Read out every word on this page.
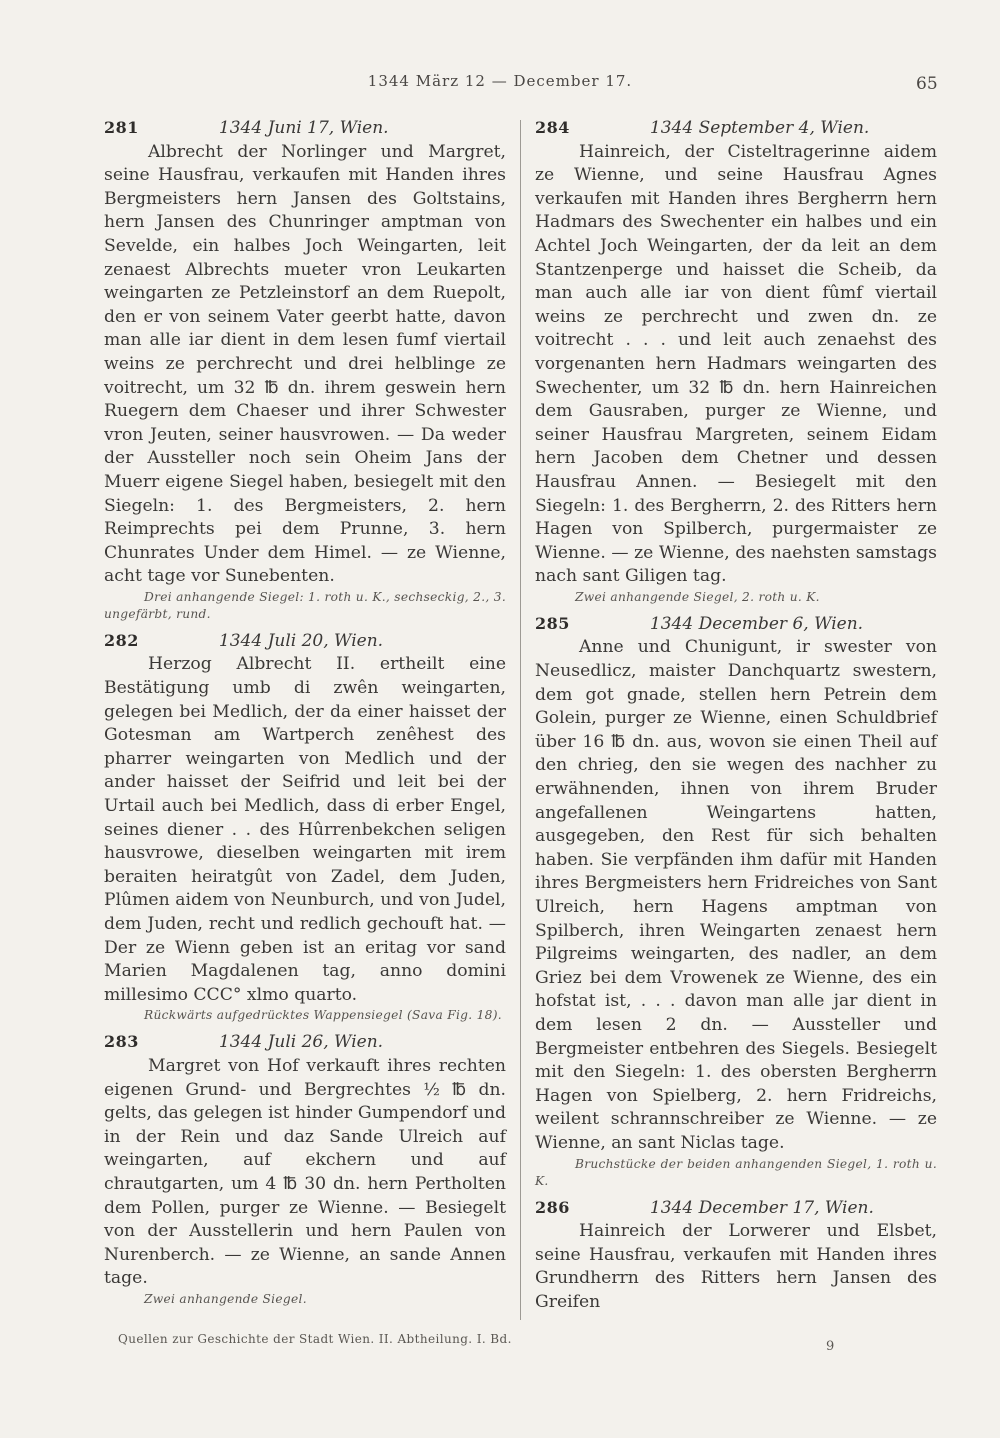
1344 März 12 — December 17.	65
281	1344 Juni 17, Wien.

Albrecht der Norlinger und Margret, seine Hausfrau, verkaufen mit Handen ihres Bergmeisters hern Jansen des Goltstains, hern Jansen des Chunringer amptman von Sevelde, ein halbes Joch Weingarten, leit zenaest Albrechts mueter vron Leukarten weingarten ze Petzleinstorf an dem Ruepolt, den er von seinem Vater geerbt hatte, davon man alle iar dient in dem lesen fumf viertail weins ze perchrecht und drei helblinge ze voitrecht, um 32 ℔ dn. ihrem geswein hern Ruegern dem Chaeser und ihrer Schwester vron Jeuten, seiner hausvrowen. — Da weder der Aussteller noch sein Oheim Jans der Muerr eigene Siegel haben, besiegelt mit den Siegeln: 1. des Bergmeisters, 2. hern Reimprechts pei dem Prunne, 3. hern Chunrates Under dem Himel. — ze Wienne, acht tage vor Sunebenten.

Drei anhangende Siegel: 1. roth u. K., sechseckig, 2., 3. ungefärbt, rund.

282	1344 Juli 20, Wien.

Herzog Albrecht II. ertheilt eine Bestätigung umb di zwên weingarten, gelegen bei Medlich, der da einer haisset der Gotesman am Wartperch zenêhest des pharrer weingarten von Medlich und der ander haisset der Seifrid und leit bei der Urtail auch bei Medlich, dass di erber Engel, seines diener . . des Hûrrenbekchen seligen hausvrowe, dieselben weingarten mit irem beraiten heiratgût von Zadel, dem Juden, Plûmen aidem von Neunburch, und von Judel, dem Juden, recht und redlich gechouft hat. — Der ze Wienn geben ist an eritag vor sand Marien Magdalenen tag, anno domini millesimo CCC° xlmo quarto.

Rückwärts aufgedrücktes Wappensiegel (Sava Fig. 18).

283	1344 Juli 26, Wien.

Margret von Hof verkauft ihres rechten eigenen Grund- und Bergrechtes ½ ℔ dn. gelts, das gelegen ist hinder Gumpendorf und in der Rein und daz Sande Ulreich auf weingarten, auf ekchern und auf chrautgarten, um 4 ℔ 30 dn. hern Pertholten dem Pollen, purger ze Wienne. — Besiegelt von der Ausstellerin und hern Paulen von Nurenberch. — ze Wienne, an sande Annen tage.

Zwei anhangende Siegel.

284	1344 September 4, Wien.

Hainreich, der Cisteltragerinne aidem ze Wienne, und seine Hausfrau Agnes verkaufen mit Handen ihres Bergherrn hern Hadmars des Swechenter ein halbes und ein Achtel Joch Weingarten, der da leit an dem Stantzenperge und haisset die Scheib, da man auch alle iar von dient fûmf viertail weins ze perchrecht und zwen dn. ze voitrecht . . . und leit auch zenaehst des vorgenanten hern Hadmars weingarten des Swechenter, um 32 ℔ dn. hern Hainreichen dem Gausraben, purger ze Wienne, und seiner Hausfrau Margreten, seinem Eidam hern Jacoben dem Chetner und dessen Hausfrau Annen. — Besiegelt mit den Siegeln: 1. des Bergherrn, 2. des Ritters hern Hagen von Spilberch, purgermaister ze Wienne. — ze Wienne, des naehsten samstags nach sant Giligen tag.

Zwei anhangende Siegel, 2. roth u. K.

285	1344 December 6, Wien.

Anne und Chunigunt, ir swester von Neusedlicz, maister Danchquartz swestern, dem got gnade, stellen hern Petrein dem Golein, purger ze Wienne, einen Schuldbrief über 16 ℔ dn. aus, wovon sie einen Theil auf den chrieg, den sie wegen des nachher zu erwähnenden, ihnen von ihrem Bruder angefallenen Weingartens hatten, ausgegeben, den Rest für sich behalten haben. Sie verpfänden ihm dafür mit Handen ihres Bergmeisters hern Fridreiches von Sant Ulreich, hern Hagens amptman von Spilberch, ihren Weingarten zenaest hern Pilgreims weingarten, des nadler, an dem Griez bei dem Vrowenek ze Wienne, des ein hofstat ist, . . . davon man alle jar dient in dem lesen 2 dn. — Aussteller und Bergmeister entbehren des Siegels. Besiegelt mit den Siegeln: 1. des obersten Bergherrn Hagen von Spielberg, 2. hern Fridreichs, weilent schrannschreiber ze Wienne. — ze Wienne, an sant Niclas tage.

Bruchstücke der beiden anhangenden Siegel, 1. roth u. K.

286	1344 December 17, Wien.

Hainreich der Lorwerer und Elsbet, seine Hausfrau, verkaufen mit Handen ihres Grundherrn des Ritters hern Jansen des Greifen

Quellen zur Geschichte der Stadt Wien. II. Abtheilung. I. Bd.	9
